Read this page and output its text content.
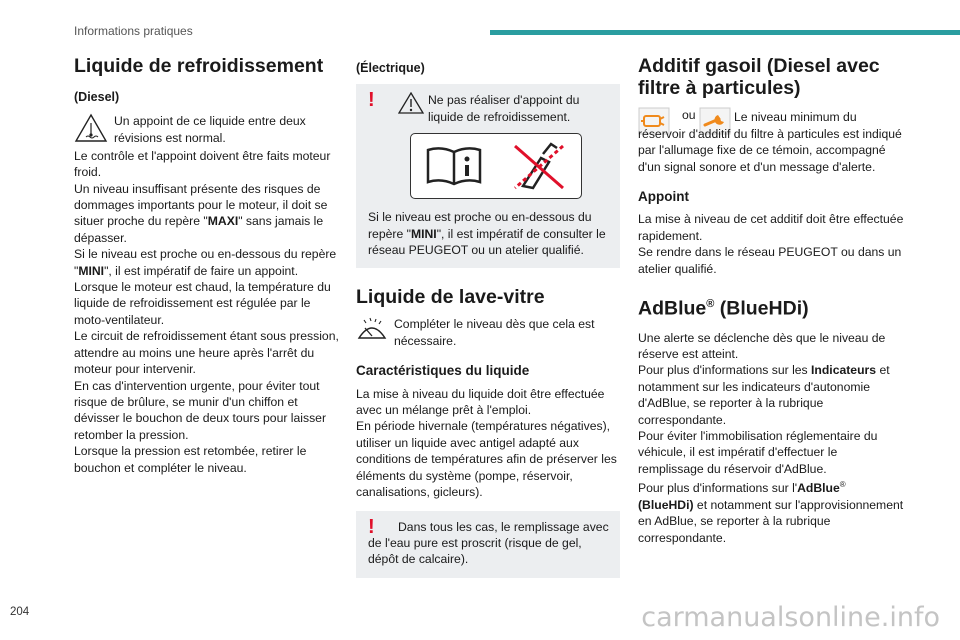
Informations pratiques
Liquide de refroidissement
(Diesel)
Un appoint de ce liquide entre deux révisions est normal.

Le contrôle et l'appoint doivent être faits moteur froid.

Un niveau insuffisant présente des risques de dommages importants pour le moteur, il doit se situer proche du repère "MAXI" sans jamais le dépasser.

Si le niveau est proche ou en-dessous du repère "MINI", il est impératif de faire un appoint.

Lorsque le moteur est chaud, la température du liquide de refroidissement est régulée par le moto-ventilateur.

Le circuit de refroidissement étant sous pression, attendre au moins une heure après l'arrêt du moteur pour intervenir.

En cas d'intervention urgente, pour éviter tout risque de brûlure, se munir d'un chiffon et dévisser le bouchon de deux tours pour laisser retomber la pression.

Lorsque la pression est retombée, retirer le bouchon et compléter le niveau.

(Électrique)
!	Ne pas réaliser d'appoint du liquide de refroidissement.

Si le niveau est proche ou en-dessous du repère "MINI", il est impératif de consulter le réseau PEUGEOT ou un atelier qualifié.

Liquide de lave-vitre
Compléter le niveau dès que cela est nécessaire.
Caractéristiques du liquide

La mise à niveau du liquide doit être effectuée avec un mélange prêt à l'emploi.

En période hivernale (températures négatives), utiliser un liquide avec antigel adapté aux conditions de températures afin de préserver les éléments du système (pompe, réservoir, canalisations, gicleurs).

!	Dans tous les cas, le remplissage avec de l'eau pure est proscrit (risque de gel, dépôt de calcaire).

Additif gasoil (Diesel avec filtre à particules)
ou	Le niveau minimum du réservoir d'additif du filtre à particules est indiqué par l'allumage fixe de ce témoin, accompagné d'un signal sonore et d'un message d'alerte.

Appoint

La mise à niveau de cet additif doit être effectuée rapidement.

Se rendre dans le réseau PEUGEOT ou dans un atelier qualifié.

AdBlue® (BlueHDi)

Une alerte se déclenche dès que le niveau de réserve est atteint.

Pour plus d'informations sur les Indicateurs et notamment sur les indicateurs d'autonomie d'AdBlue, se reporter à la rubrique correspondante.

Pour éviter l'immobilisation réglementaire du véhicule, il est impératif d'effectuer le remplissage du réservoir d'AdBlue.

Pour plus d'informations sur l'AdBlue®
(BlueHDi) et notamment sur l'approvisionnement en AdBlue, se reporter à la rubrique correspondante.

204	carmanualsonline.info
